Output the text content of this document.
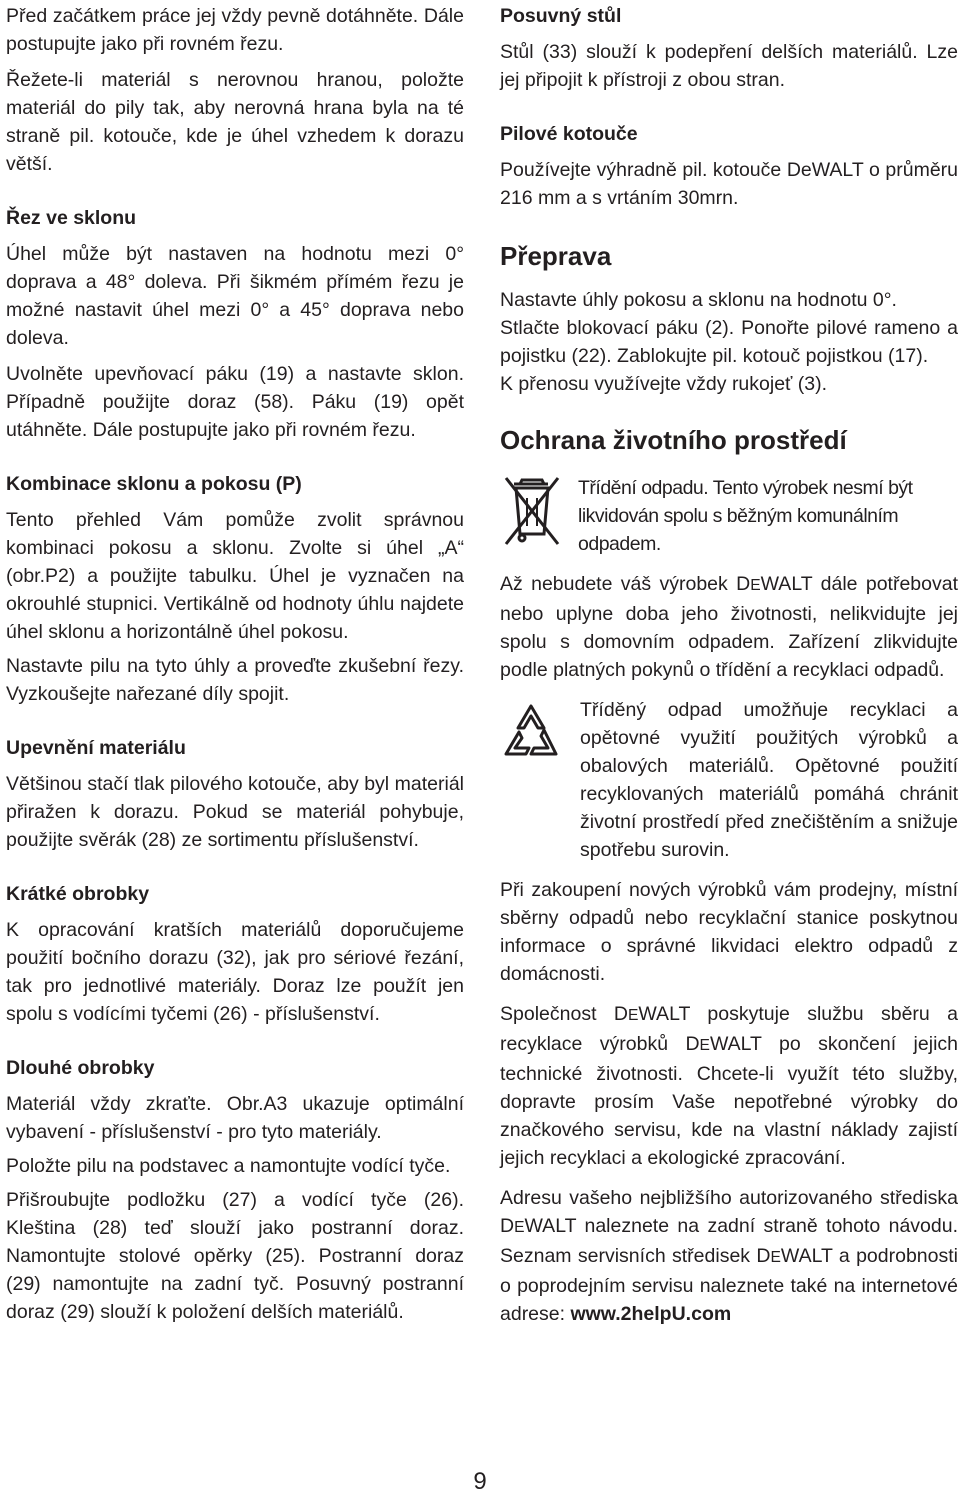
Před začátkem práce jej vždy pevně dotáhněte. Dále postupujte jako při rovném řezu.

Řežete-li materiál s nerovnou hranou, položte materiál do pily tak, aby nerovná hrana byla na té straně pil. kotouče, kde je úhel vzhedem k dorazu větší.

Řez ve sklonu

Úhel může být nastaven na hodnotu mezi 0° doprava a 48° doleva. Při šikmém přímém řezu je možné nastavit úhel mezi 0° a 45° doprava nebo doleva.

Uvolněte upevňovací páku (19) a nastavte sklon. Případně použijte doraz (58). Páku (19) opět utáhněte. Dále postupujte jako při rovném řezu.

Kombinace sklonu a pokosu (P)

Tento přehled Vám pomůže zvolit správnou kombinaci pokosu a sklonu. Zvolte si úhel „A“ (obr.P2) a použijte tabulku. Úhel je vyznačen na okrouhlé stupnici. Vertikálně od hodnoty úhlu najdete úhel sklonu a horizontálně úhel pokosu.

Nastavte pilu na tyto úhly a proveďte zkušební řezy. Vyzkoušejte nařezané díly spojit.

Upevnění materiálu

Většinou stačí tlak pilového kotouče, aby byl materiál přiražen k dorazu. Pokud se materiál pohybuje, použijte svěrák (28) ze sortimentu příslušenství.

Krátké obrobky

K opracování kratších materiálů doporučujeme použití bočního dorazu (32), jak pro sériové řezání, tak pro jednotlivé materiály. Doraz lze použít jen spolu s vodícími tyčemi (26) - příslušenství.

Dlouhé obrobky

Materiál vždy zkraťte. Obr.A3 ukazuje optimální vybavení - příslušenství - pro tyto materiály.

Položte pilu na podstavec a namontujte vodící tyče.

Přišroubujte podložku (27) a vodící tyče (26). Kleština (28) teď slouží jako postranní doraz. Namontujte stolové opěrky (25). Postranní doraz (29) namontujte na zadní tyč. Posuvný postranní doraz (29) slouží k položení delších materiálů.

Posuvný stůl

Stůl (33) slouží k podepření delších materiálů. Lze jej připojit k přístroji z obou stran.

Pilové kotouče

Používejte výhradně pil. kotouče DeWALT o průměru 216 mm a s vrtáním 30mrn.

Přeprava

Nastavte úhly pokosu a sklonu na hodnotu 0°.

Stlačte blokovací páku (2). Ponořte pilové rameno a pojistku (22). Zablokujte pil. kotouč pojistkou (17).

K přenosu využívejte vždy rukojeť (3).

Ochrana životního prostředí

Třídění odpadu. Tento výrobek nesmí být likvidován spolu s běžným komunálním odpadem.

Až nebudete váš výrobek DEWALT dále potřebovat nebo uplyne doba jeho životnosti, nelikvidujte jej spolu s domovním odpadem. Zařízení zlikvidujte podle platných pokynů o třídění a recyklaci odpadů.

Tříděný odpad umožňuje recyklaci a opětovné využití použitých výrobků a obalových materiálů. Opětovné použití recyklovaných materiálů pomáhá chránit životní prostředí před znečištěním a snižuje spotřebu surovin.

Při zakoupení nových výrobků vám prodejny, místní sběrny odpadů nebo recyklační stanice poskytnou informace o správné likvidaci elektro odpadů z domácnosti.

Společnost DEWALT poskytuje službu sběru a recyklace výrobků DEWALT po skončení jejich technické životnosti. Chcete-li využít této služby, dopravte prosím Vaše nepotřebné výrobky do značkového servisu, kde na vlastní náklady zajistí jejich recyklaci a ekologické zpracování.

Adresu vašeho nejbližšího autorizovaného střediska DEWALT naleznete na zadní straně tohoto návodu. Seznam servisních středisek DEWALT a podrobnosti o poprodejním servisu naleznete také na internetové adrese: www.2helpU.com

9
